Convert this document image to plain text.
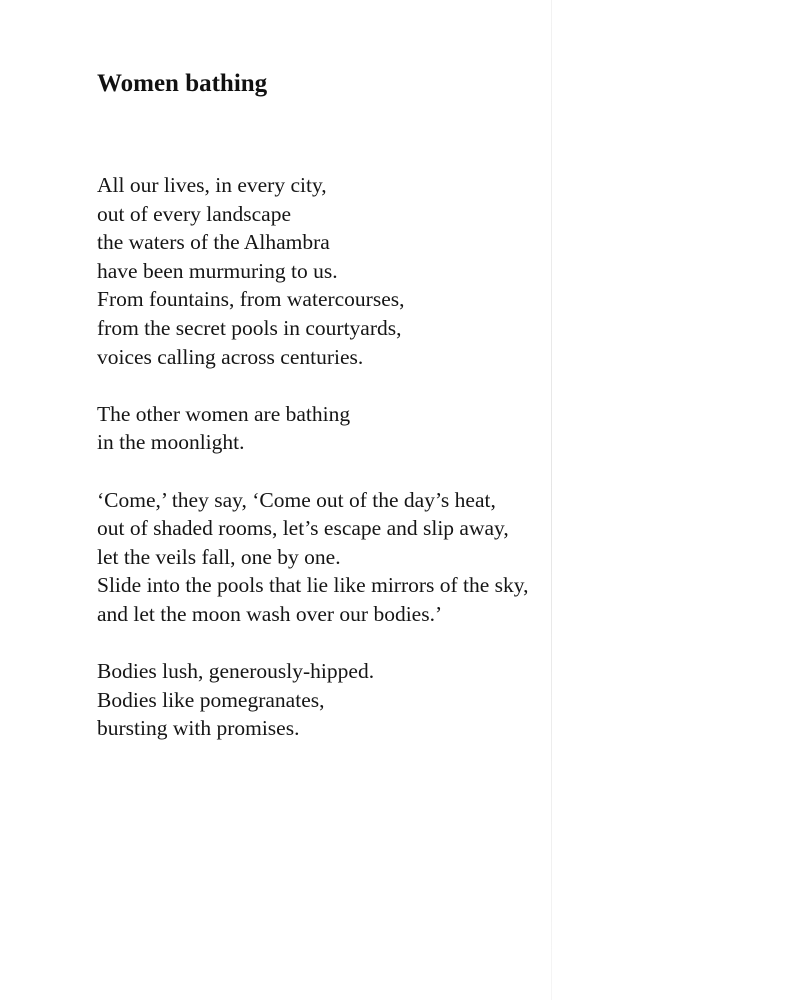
Women bathing

All our lives, in every city,
out of every landscape
the waters of the Alhambra
have been murmuring to us.
From fountains, from watercourses,
from the secret pools in courtyards,
voices calling across centuries.

The other women are bathing
in the moonlight.

‘Come,’ they say, ‘Come out of the day’s heat,
out of shaded rooms, let’s escape and slip away,
let the veils fall, one by one.
Slide into the pools that lie like mirrors of the sky,
and let the moon wash over our bodies.’

Bodies lush, generously-hipped.
Bodies like pomegranates,
bursting with promises.
